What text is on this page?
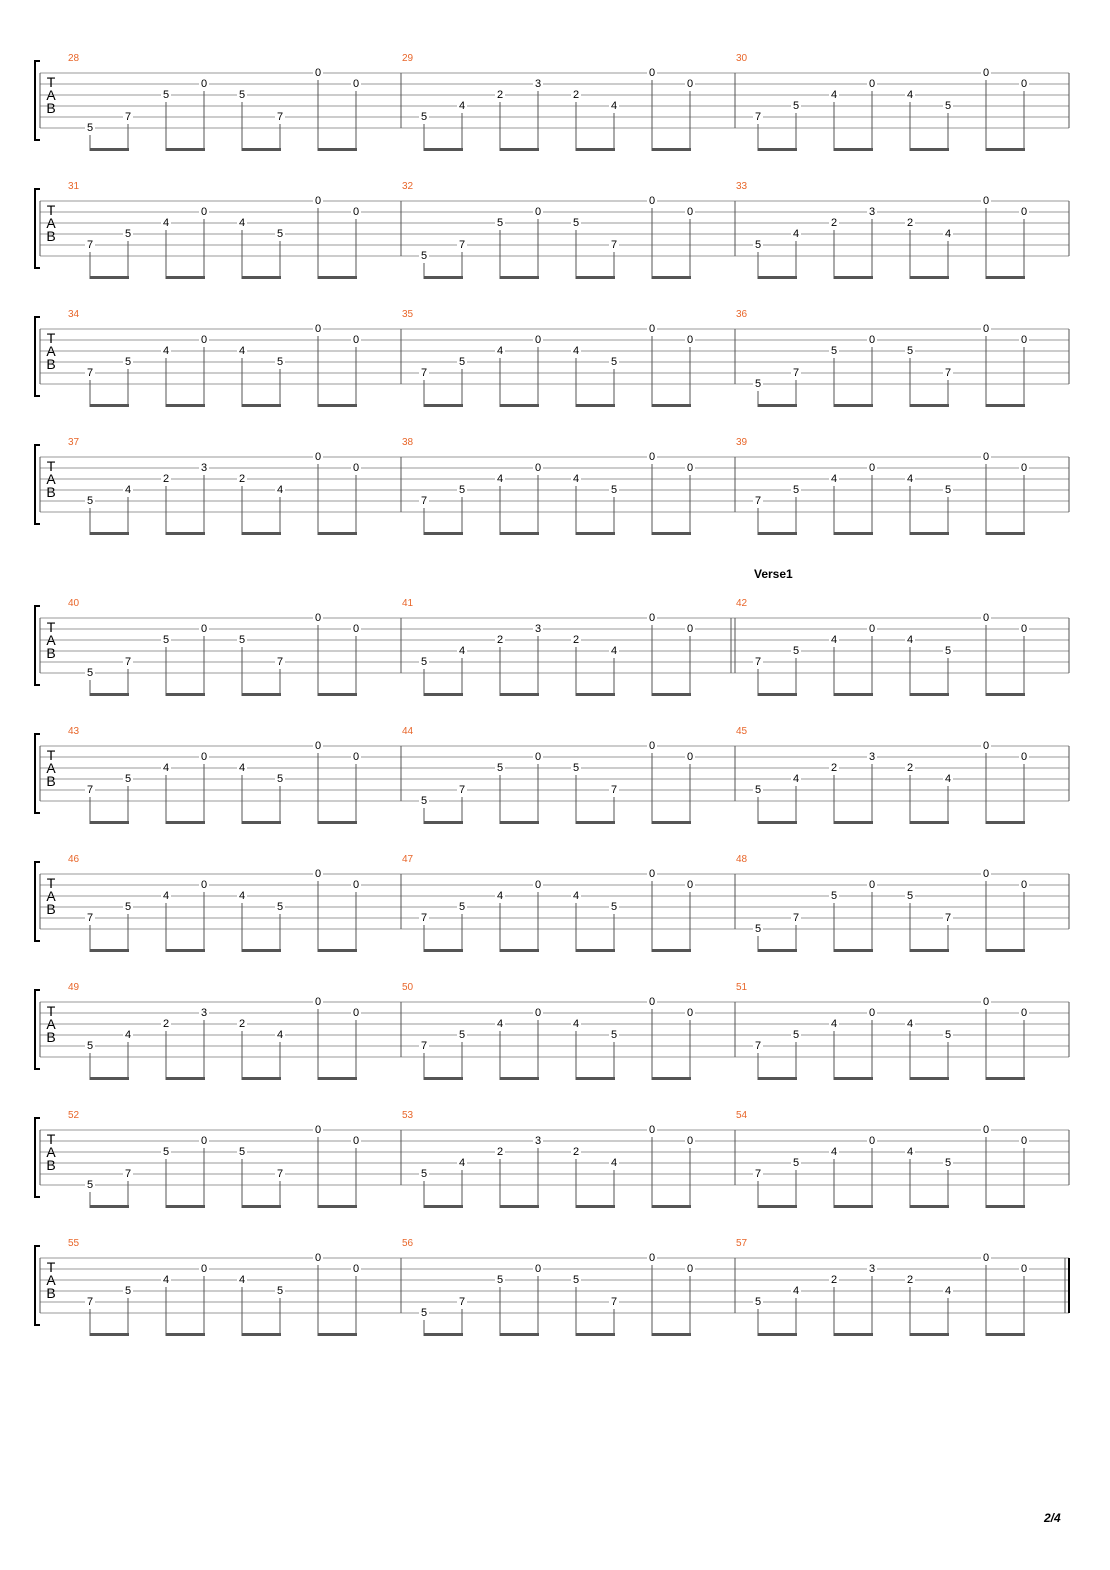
T
A
B
28
5
7
5
0
5
7
0
0
29
5
4
2
3
2
4
0
0
30
7
5
4
0
4
5
0
0
T
A
B
31
7
5
4
0
4
5
0
0
32
5
7
5
0
5
7
0
0
33
5
4
2
3
2
4
0
0
T
A
B
34
7
5
4
0
4
5
0
0
35
7
5
4
0
4
5
0
0
36
5
7
5
0
5
7
0
0
T
A
B
37
5
4
2
3
2
4
0
0
38
7
5
4
0
4
5
0
0
39
7
5
4
0
4
5
0
0
T
A
B
40
5
7
5
0
5
7
0
0
41
5
4
2
3
2
4
0
0
42
Verse1
7
5
4
0
4
5
0
0
T
A
B
43
7
5
4
0
4
5
0
0
44
5
7
5
0
5
7
0
0
45
5
4
2
3
2
4
0
0
T
A
B
46
7
5
4
0
4
5
0
0
47
7
5
4
0
4
5
0
0
48
5
7
5
0
5
7
0
0
T
A
B
49
5
4
2
3
2
4
0
0
50
7
5
4
0
4
5
0
0
51
7
5
4
0
4
5
0
0
T
A
B
52
5
7
5
0
5
7
0
0
53
5
4
2
3
2
4
0
0
54
7
5
4
0
4
5
0
0
T
A
B
55
7
5
4
0
4
5
0
0
56
5
7
5
0
5
7
0
0
57
5
4
2
3
2
4
0
0
2/4
